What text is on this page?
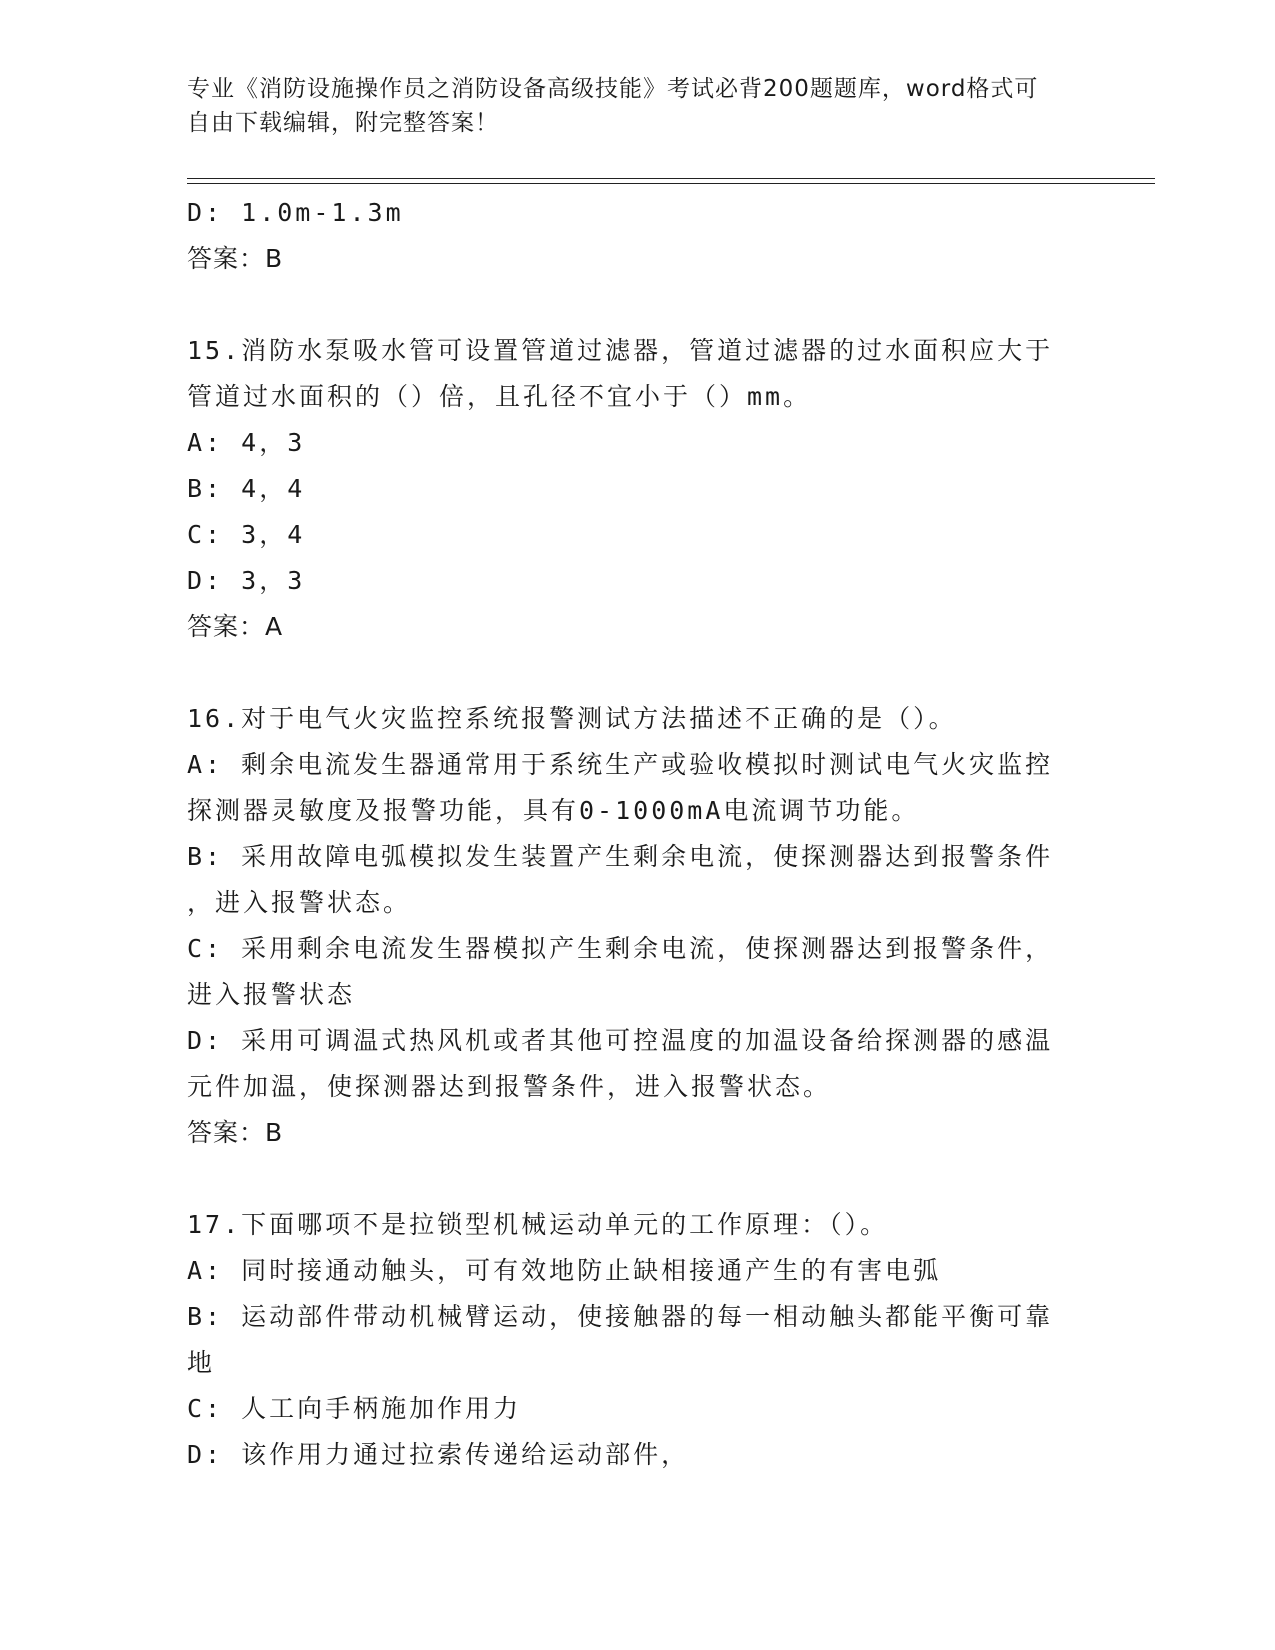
专业《消防设施操作员之消防设备高级技能》考试必背200题题库，word格式可
自由下载编辑，附完整答案！
D: 1.0m-1.3m
答案：B
15.消防水泵吸水管可设置管道过滤器，管道过滤器的过水面积应大于
管道过水面积的（）倍，且孔径不宜小于（）mm。
A: 4，3
B: 4，4
C: 3，4
D: 3，3
答案：A
16.对于电气火灾监控系统报警测试方法描述不正确的是（）。
A: 剩余电流发生器通常用于系统生产或验收模拟时测试电气火灾监控
探测器灵敏度及报警功能，具有0-1000mA电流调节功能。
B: 采用故障电弧模拟发生装置产生剩余电流，使探测器达到报警条件
，进入报警状态。
C: 采用剩余电流发生器模拟产生剩余电流，使探测器达到报警条件，
进入报警状态
D: 采用可调温式热风机或者其他可控温度的加温设备给探测器的感温
元件加温，使探测器达到报警条件，进入报警状态。
答案：B
17.下面哪项不是拉锁型机械运动单元的工作原理：（）。
A: 同时接通动触头，可有效地防止缺相接通产生的有害电弧
B: 运动部件带动机械臂运动，使接触器的每一相动触头都能平衡可靠
地
C: 人工向手柄施加作用力
D: 该作用力通过拉索传递给运动部件，
